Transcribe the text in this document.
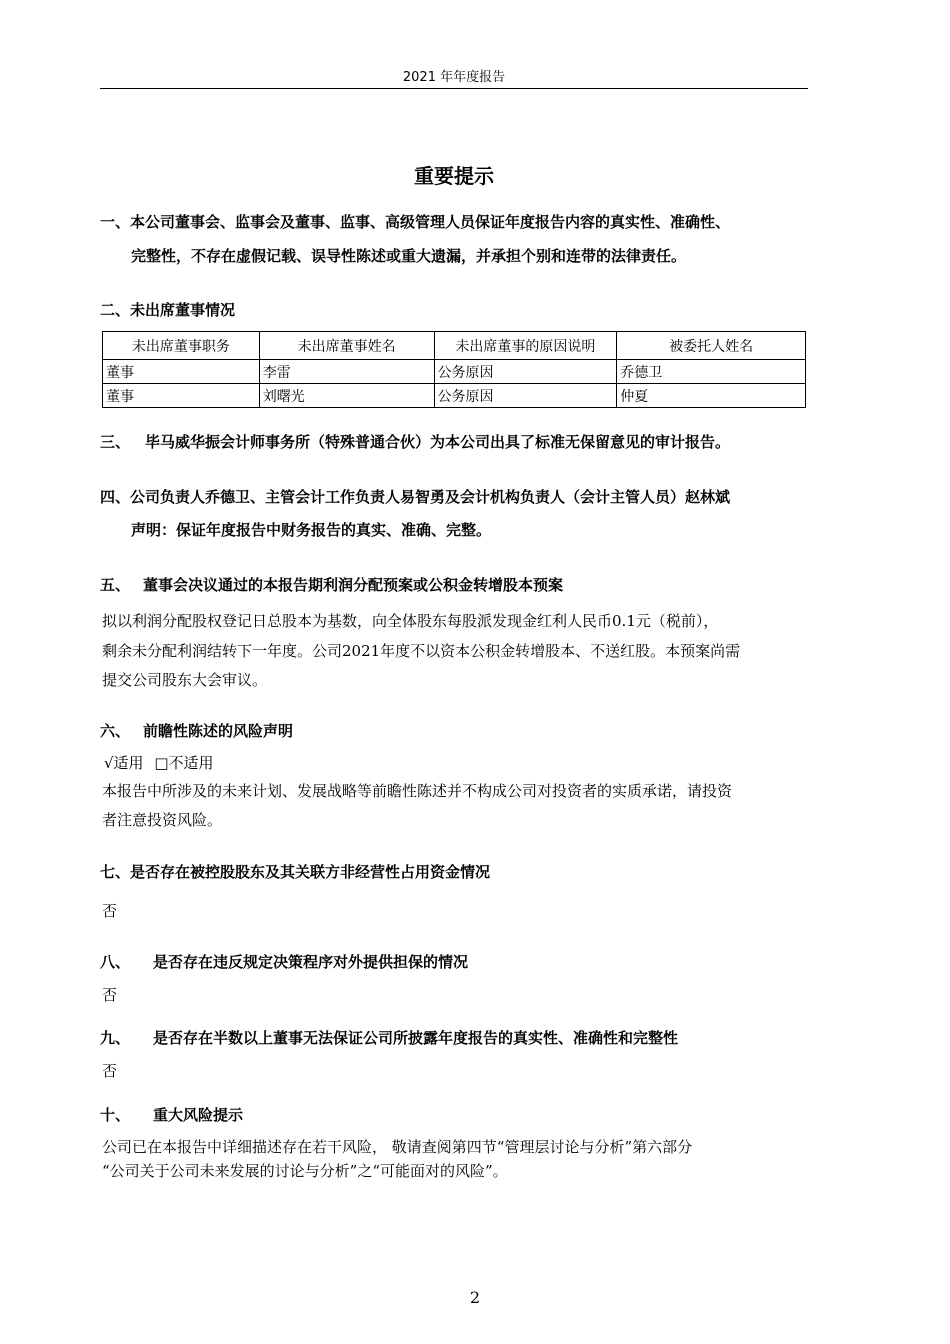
2021 年年度报告
重要提示
一、本公司董事会、监事会及董事、监事、高级管理人员保证年度报告内容的真实性、准确性、
完整性，不存在虚假记载、误导性陈述或重大遗漏，并承担个别和连带的法律责任。
二、未出席董事情况
未出席董事职务	未出席董事姓名	未出席董事的原因说明	被委托人姓名
董事	李雷	公务原因	乔德卫
董事	刘曙光	公务原因	仲夏
三、 毕马威华振会计师事务所（特殊普通合伙）为本公司出具了标准无保留意见的审计报告。
四、公司负责人乔德卫、主管会计工作负责人易智勇及会计机构负责人（会计主管人员）赵林斌
声明：保证年度报告中财务报告的真实、准确、完整。
五、 董事会决议通过的本报告期利润分配预案或公积金转增股本预案
拟以利润分配股权登记日总股本为基数，向全体股东每股派发现金红利人民币0.1元（税前），
剩余未分配利润结转下一年度。公司2021年度不以资本公积金转增股本、不送红股。本预案尚需
提交公司股东大会审议。
六、 前瞻性陈述的风险声明
√适用 □不适用
本报告中所涉及的未来计划、发展战略等前瞻性陈述并不构成公司对投资者的实质承诺，请投资
者注意投资风险。
七、是否存在被控股股东及其关联方非经营性占用资金情况
否
八、 是否存在违反规定决策程序对外提供担保的情况
否
九、 是否存在半数以上董事无法保证公司所披露年度报告的真实性、准确性和完整性
否
十、 重大风险提示
公司已在本报告中详细描述存在若干风险， 敬请查阅第四节“管理层讨论与分析”第六部分
“公司关于公司未来发展的讨论与分析”之“可能面对的风险”。
2
